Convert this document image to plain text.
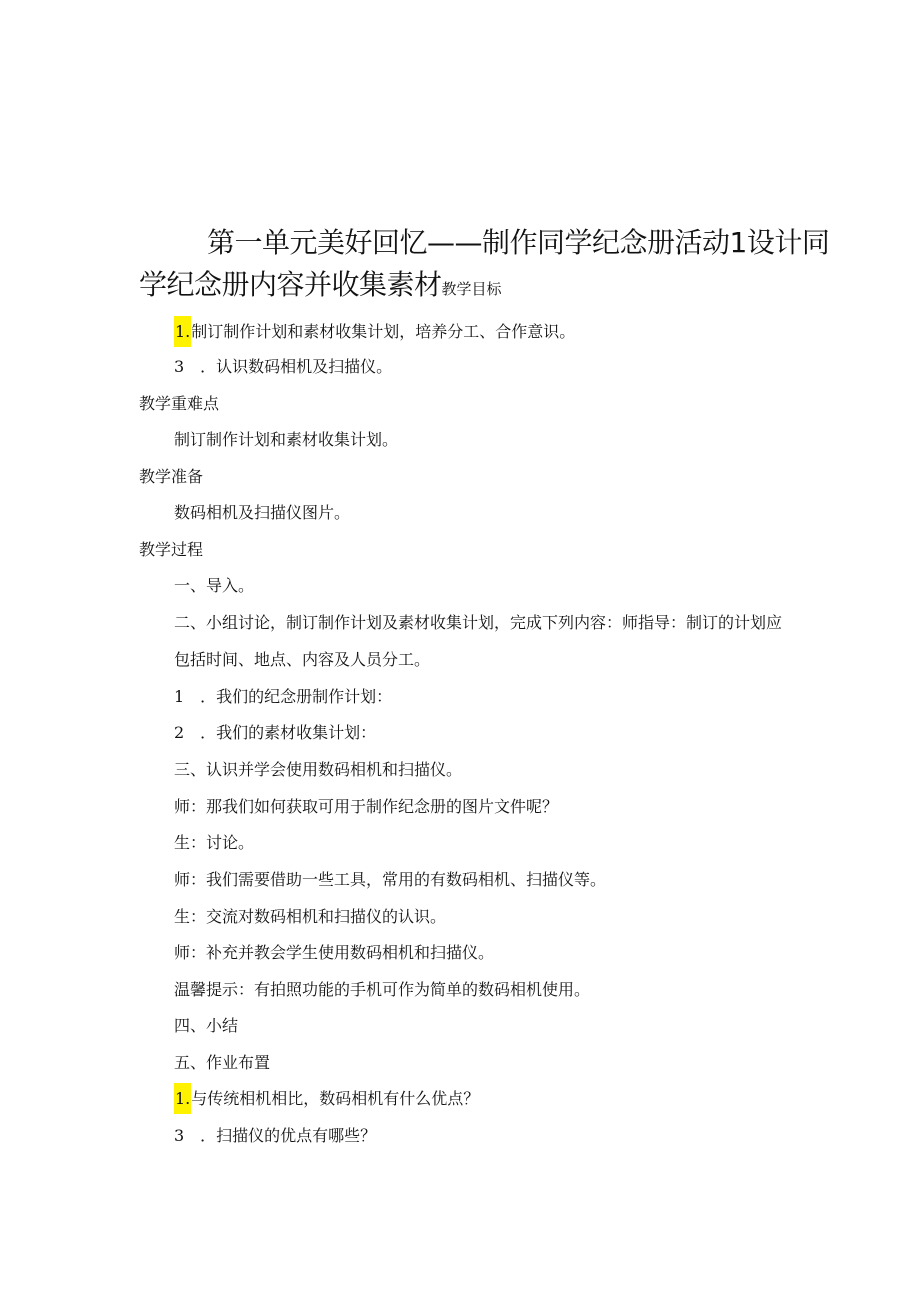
第一单元美好回忆——制作同学纪念册活动1设计同学纪念册内容并收集素材教学目标
1.制订制作计划和素材收集计划，培养分工、合作意识。
3　．认识数码相机及扫描仪。
教学重难点
制订制作计划和素材收集计划。
教学准备
数码相机及扫描仪图片。
教学过程
一、导入。
二、小组讨论，制订制作计划及素材收集计划，完成下列内容：师指导：制订的计划应
包括时间、地点、内容及人员分工。
1　．我们的纪念册制作计划：
2　．我们的素材收集计划：
三、认识并学会使用数码相机和扫描仪。
师：那我们如何获取可用于制作纪念册的图片文件呢？
生：讨论。
师：我们需要借助一些工具，常用的有数码相机、扫描仪等。
生：交流对数码相机和扫描仪的认识。
师：补充并教会学生使用数码相机和扫描仪。
温馨提示：有拍照功能的手机可作为简单的数码相机使用。
四、小结
五、作业布置
1.与传统相机相比，数码相机有什么优点？
3　．扫描仪的优点有哪些？
